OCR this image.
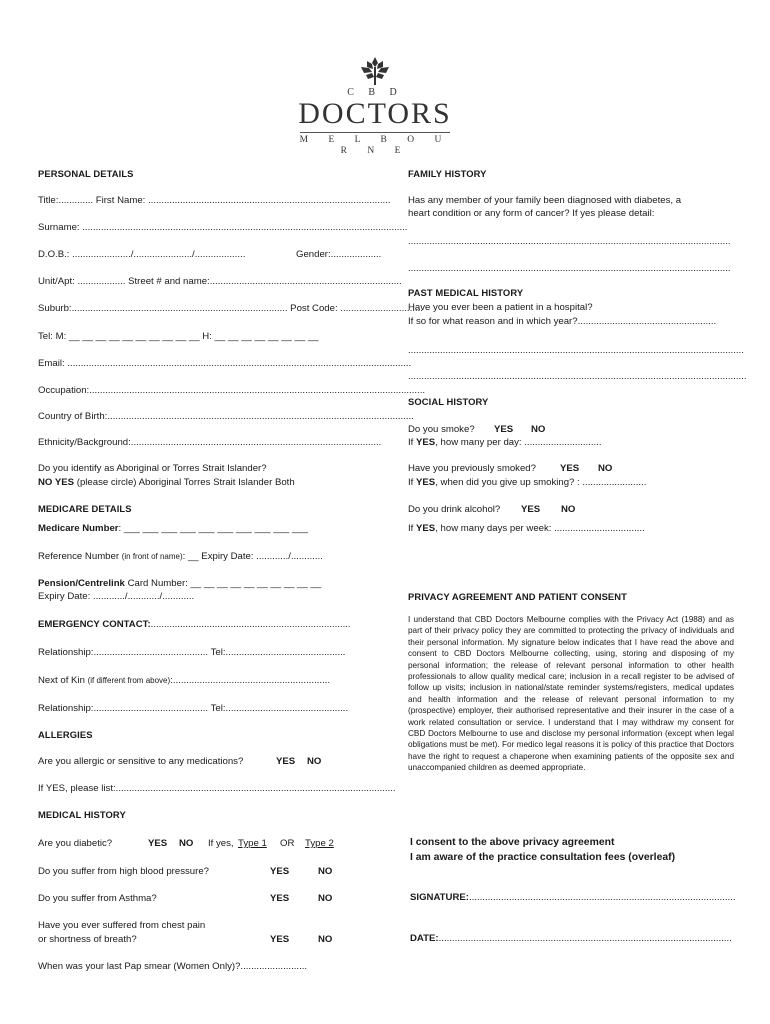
C B D
DOCTORS
M E L B O U R N E
PERSONAL DETAILS
Title:............. First Name: ...........................................................................................
Surname: ..........................................................................................................................
D.O.B.: ....................../....................../...................	Gender:...................
Unit/Apt: .................. Street # and name:........................................................................
Suburb:................................................................................. Post Code: ...............................
Tel: M: __ __ __ __ __ __ __ __ __ __ H: __ __ __ __ __ __ __ __
Email: .................................................................................................................................
Occupation:..............................................................................................................................
Country of Birth:...................................................................................................................
Ethnicity/Background:..............................................................................................
Do you identify as Aboriginal or Torres Strait Islander?
NO YES (please circle) Aboriginal Torres Strait Islander Both
MEDICARE DETAILS
Medicare Number: ___ ___ ___ ___ ___ ___ ___ ___ ___ ___
Reference Number (in front of name): __ Expiry Date: ............/............
Pension/Centrelink Card Number: __ __ __ __ __ __ __ __ __ __
Expiry Date: ............/............/............
EMERGENCY CONTACT:...........................................................................
Relationship:........................................... Tel:.............................................
Next of Kin (if different from above):...........................................................
Relationship:........................................... Tel:..............................................
ALLERGIES
Are you allergic or sensitive to any medications?	YES NO
If YES, please list:.........................................................................................................
MEDICAL HISTORY
Are you diabetic?	YES NO If yes, Type 1 OR Type 2
Do you suffer from high blood pressure?	YES	NO
Do you suffer from Asthma?	YES	NO
Have you ever suffered from chest pain
or shortness of breath?	YES	NO
When was your last Pap smear (Women Only)?.........................
FAMILY HISTORY
Has any member of your family been diagnosed with diabetes, a
heart condition or any form of cancer? If yes please detail:
.........................................................................................................................
.........................................................................................................................
PAST MEDICAL HISTORY
Have you ever been a patient in a hospital?
If so for what reason and in which year?....................................................
..............................................................................................................................
...............................................................................................................................
SOCIAL HISTORY
Do you smoke? YES NO
If YES, how many per day: .............................
Have you previously smoked?	YES NO
If YES, when did you give up smoking? : ........................
Do you drink alcohol? YES NO
If YES, how many days per week: ..................................
PRIVACY AGREEMENT AND PATIENT CONSENT
I understand that CBD Doctors Melbourne complies with the Privacy Act (1988) and as part of their privacy policy they are committed to protecting the privacy of individuals and their personal information. My signature below indicates that I have read the above and consent to CBD Doctors Melbourne collecting, using, storing and disposing of my personal information; the release of relevant personal information to other health professionals to allow quality medical care; inclusion in a recall register to be advised of follow up visits; inclusion in national/state reminder systems/registers, medical updates and health information and the release of relevant personal information to my (prospective) employer, their authorised representative and their insurer in the case of a work related consultation or service. I understand that I may withdraw my consent for CBD Doctors Melbourne to use and disclose my personal information (except when legal obligations must be met). For medico legal reasons it is policy of this practice that Doctors have the right to request a chaperone when examining patients of the opposite sex and unaccompanied children as deemed appropriate.
I consent to the above privacy agreement
I am aware of the practice consultation fees (overleaf)
SIGNATURE:....................................................................................................
DATE:..............................................................................................................
